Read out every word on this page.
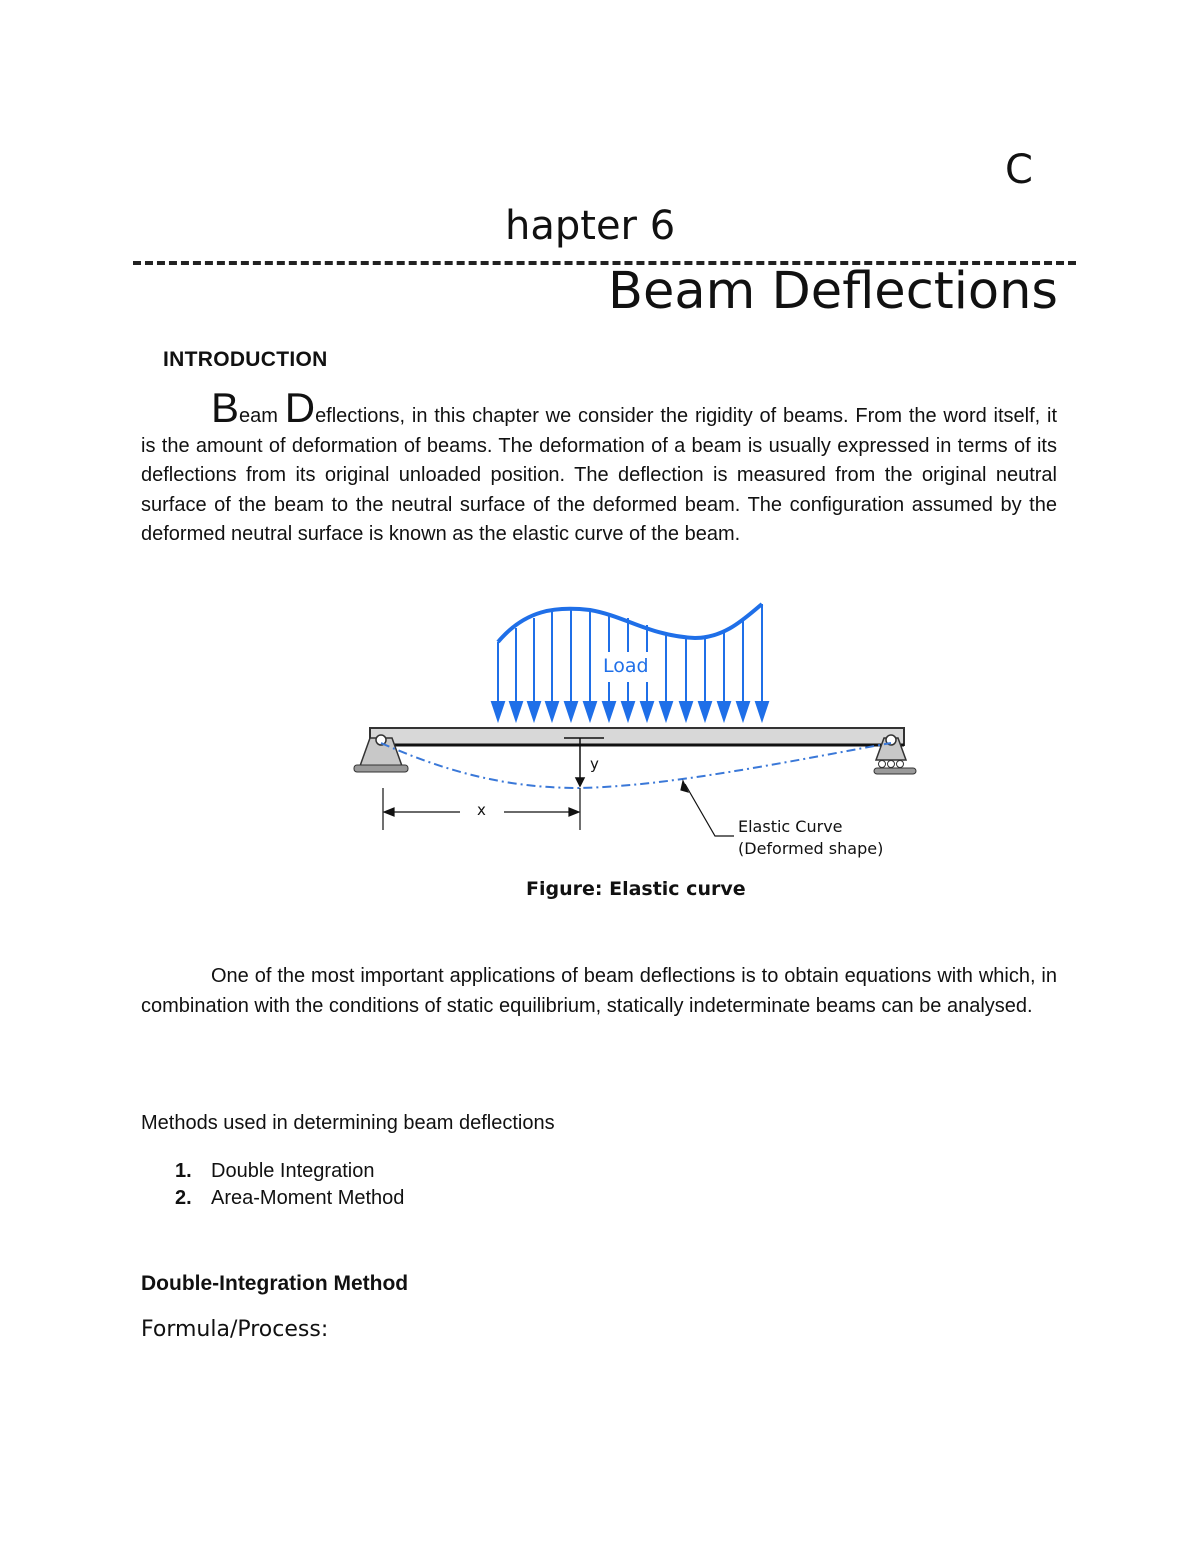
C
hapter 6
Beam Deflections
INTRODUCTION
Beam Deflections, in this chapter we consider the rigidity of beams. From the word itself, it is the amount of deformation of beams. The deformation of a beam is usually expressed in terms of its deflections from its original unloaded position. The deflection is measured from the original neutral surface of the beam to the neutral surface of the deformed beam. The configuration assumed by the deformed neutral surface is known as the elastic curve of the beam.
Load
y
x
Elastic Curve
(Deformed shape)
Figure: Elastic curve
One of the most important applications of beam deflections is to obtain equations with which, in combination with the conditions of static equilibrium, statically indeterminate beams can be analysed.
Methods used in determining beam deflections
1. Double Integration
2. Area-Moment Method
Double-Integration Method
Formula/Process:
